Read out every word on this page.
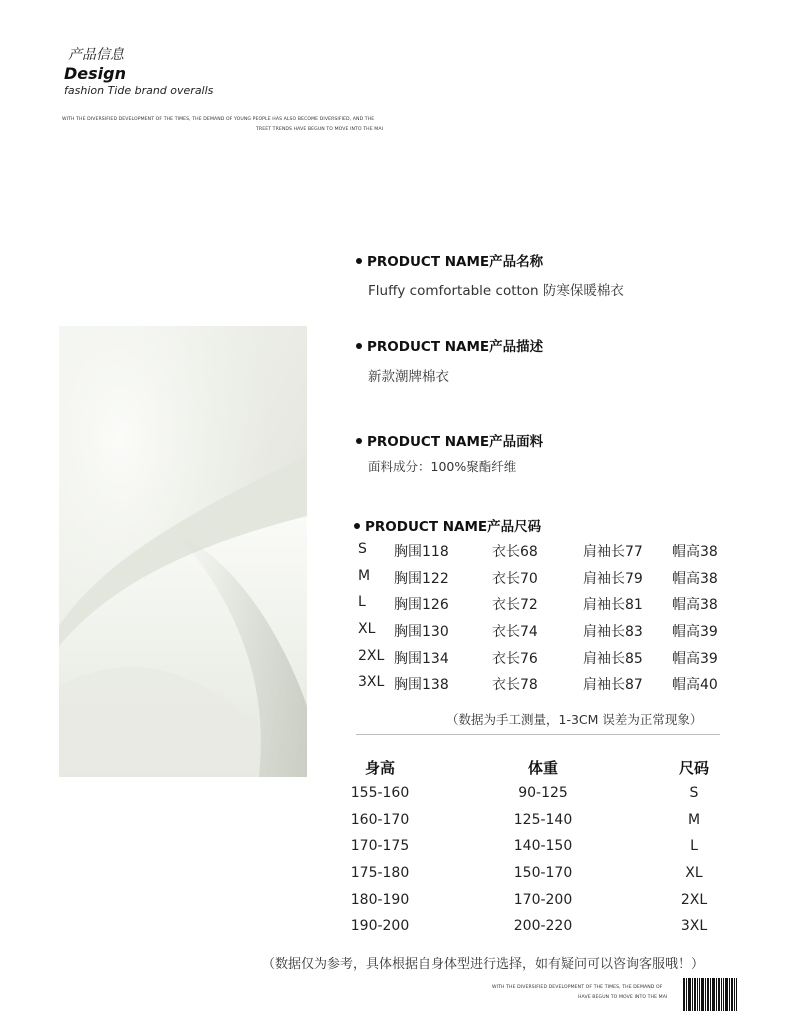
产品信息
Design
fashion Tide brand overalls
WITH THE DIVERSIFIED DEVELOPMENT OF THE TIMES, THE DEMAND OF YOUNG PEOPLE HAS ALSO BECOME DIVERSIFIED, AND THE
TREET TRENDS HAVE BEGUN TO MOVE INTO THE MAI
PRODUCT NAME产品名称
Fluffy comfortable cotton 防寒保暖棉衣
PRODUCT NAME产品描述
新款潮牌棉衣
PRODUCT NAME产品面料
面料成分：100%聚酯纤维
PRODUCT NAME产品尺码
S 胸围118	衣长68	肩袖长77 帽高38
M 胸围122	衣长70	肩袖长79 帽高38
L 胸围126	衣长72	肩袖长81 帽高38
XL 胸围130	衣长74	肩袖长83 帽高39
2XL 胸围134	衣长76	肩袖长85 帽高39
3XL 胸围138	衣长78	肩袖长87 帽高40
（数据为手工测量，1-3CM 误差为正常现象）
身高	体重	尺码
155-160	90-125	S
160-170	125-140	M
170-175	140-150	L
175-180	150-170	XL
180-190	170-200	2XL
190-200	200-220	3XL
（数据仅为参考，具体根据自身体型进行选择，如有疑问可以咨询客服哦！）
WITH THE DIVERSIFIED DEVELOPMENT OF THE TIMES, THE DEMAND OF
HAVE BEGUN TO MOVE INTO THE MAI
